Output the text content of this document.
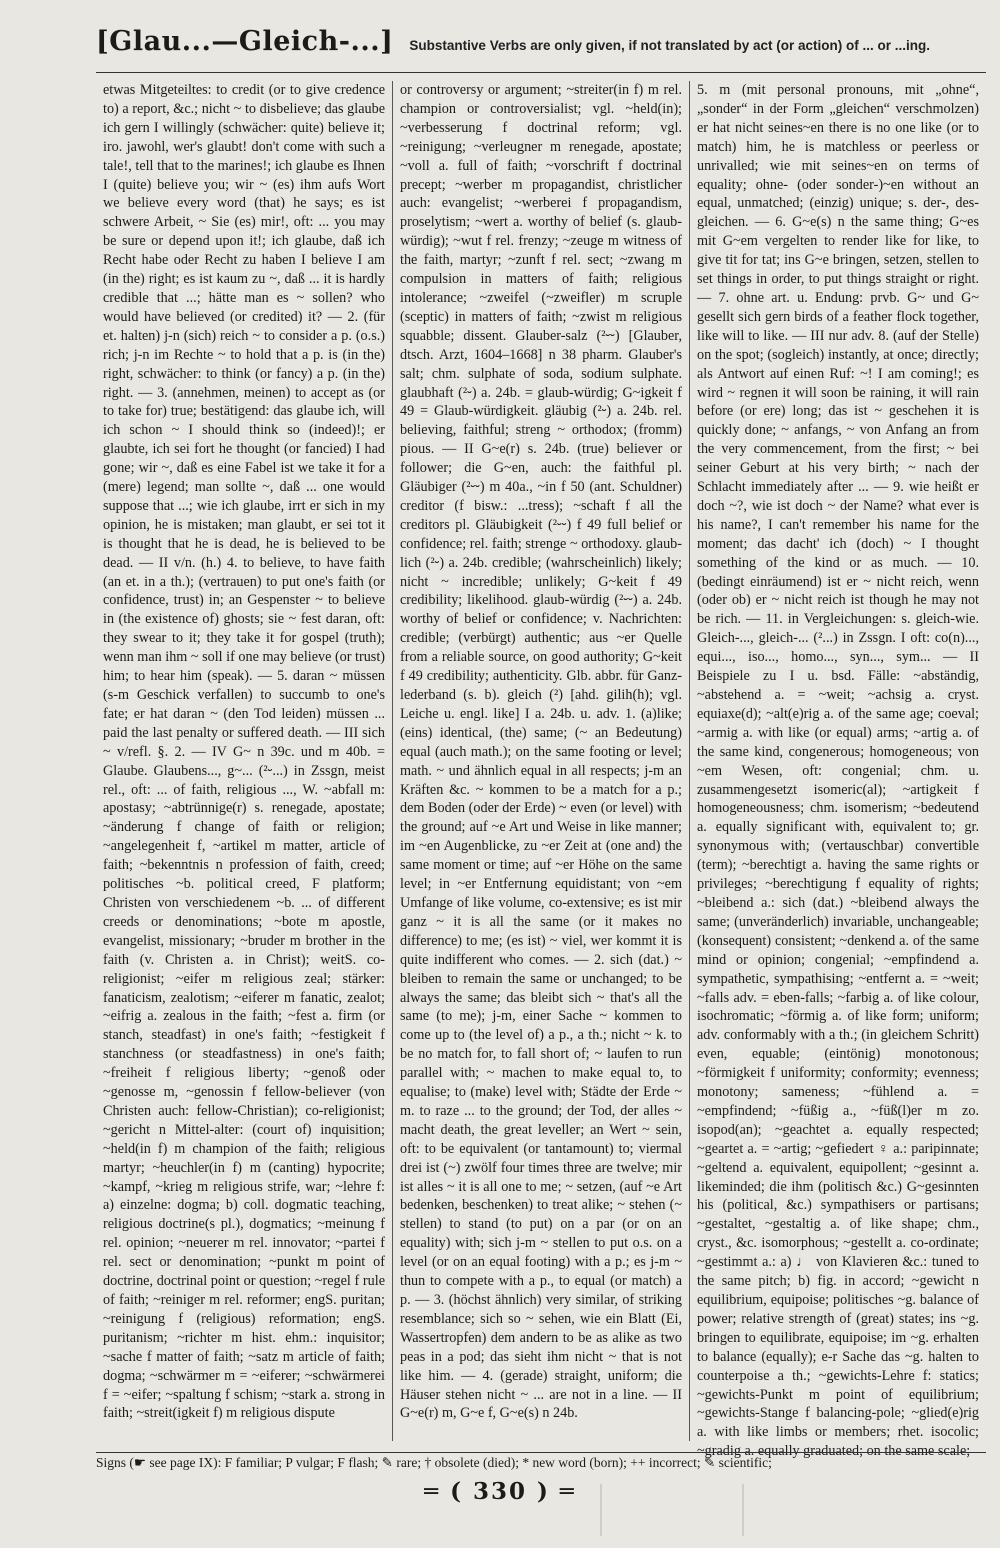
[Glau...—Gleich-...] Substantive Verbs are only given, if not translated by act (or action) of ... or ...ing.

etwas Mitgeteiltes: to credit (or to give credence to) a report, &c.; nicht ~ to disbelieve; das glaube ich gern I willingly (schwächer: quite) believe it; iro. jawohl, wer's glaubt! don't come with such a tale!, tell that to the marines!; ich glaube es Ihnen I (quite) believe you; wir ~ (es) ihm aufs Wort we believe every word (that) he says; es ist schwere Arbeit, ~ Sie (es) mir!, oft: ... you may be sure or depend upon it!; ich glaube, daß ich Recht habe oder Recht zu haben I believe I am (in the) right; es ist kaum zu ~, daß ... it is hardly credible that ...; hätte man es ~ sollen? who would have believed (or credited) it? — 2. (für et. halten) j-n (sich) reich ~ to consider a p. (o.s.) rich; j-n im Rechte ~ to hold that a p. is (in the) right, schwächer: to think (or fancy) a p. (in the) right. — 3. (annehmen, meinen) to accept as (or to take for) true; bestätigend: das glaube ich, will ich schon ~ I should think so (indeed)!; er glaubte, ich sei fort he thought (or fancied) I had gone; wir ~, daß es eine Fabel ist we take it for a (mere) legend; man sollte ~, daß ... one would suppose that ...; wie ich glaube, irrt er sich in my opinion, he is mistaken; man glaubt, er sei tot it is thought that he is dead, he is believed to be dead. — II v/n. (h.) 4. to believe, to have faith (an et. in a th.); (vertrauen) to put one's faith (or confidence, trust) in; an Gespenster ~ to believe in (the existence of) ghosts; sie ~ fest daran, oft: they swear to it; they take it for gospel (truth); wenn man ihm ~ soll if one may believe (or trust) him; to hear him (speak). — 5. daran ~ müssen (s-m Geschick verfallen) to succumb to one's fate; er hat daran ~ (den Tod leiden) müssen ... paid the last penalty or suffered death. — III sich ~ v/refl. §. 2. — IV G~ n 39c. und m 40b. = Glaube. Glaubens..., g~... (²⏑...) in Zssgn, meist rel., oft: ... of faith, religious ..., W. ~abfall m: apostasy; ~abtrünnige(r) s. renegade, apostate; ~änderung f change of faith or religion; ~angelegenheit f, ~artikel m matter, article of faith; ~bekenntnis n profession of faith, creed; politisches ~b. political creed, F platform; Christen von verschiedenem ~b. ... of different creeds or denominations; ~bote m apostle, evangelist, missionary; ~bruder m brother in the faith (v. Christen a. in Christ); weitS. co-religionist; ~eifer m religious zeal; stärker: fanaticism, zealotism; ~eiferer m fanatic, zealot; ~eifrig a. zealous in the faith; ~fest a. firm (or stanch, steadfast) in one's faith; ~festigkeit f stanchness (or steadfastness) in one's faith; ~freiheit f religious liberty; ~genoß oder ~genosse m, ~genossin f fellow-believer (von Christen auch: fellow-Christian); co-religionist; ~gericht n Mittel-alter: (court of) inquisition; ~held(in f) m champion of the faith; religious martyr; ~heuchler(in f) m (canting) hypocrite; ~kampf, ~krieg m religious strife, war; ~lehre f: a) einzelne: dogma; b) coll. dogmatic teaching, religious doctrine(s pl.), dogmatics; ~meinung f rel. opinion; ~neuerer m rel. innovator; ~partei f rel. sect or denomination; ~punkt m point of doctrine, doctrinal point or question; ~regel f rule of faith; ~reiniger m rel. reformer; engS. puritan; ~reinigung f (religious) reformation; engS. puritanism; ~richter m hist. ehm.: inquisitor; ~sache f matter of faith; ~satz m article of faith; dogma; ~schwärmer m = ~eiferer; ~schwärmerei f = ~eifer; ~spaltung f schism; ~stark a. strong in faith; ~streit(igkeit f) m religious dispute

or controversy or argument; ~streiter(in f) m rel. champion or controversialist; vgl. ~held(in); ~verbesserung f doctrinal reform; vgl. ~reinigung; ~verleugner m renegade, apostate; ~voll a. full of faith; ~vorschrift f doctrinal precept; ~werber m propagandist, christlicher auch: evangelist; ~werberei f propagandism, proselytism; ~wert a. worthy of belief (s. glaub-würdig); ~wut f rel. frenzy; ~zeuge m witness of the faith, martyr; ~zunft f rel. sect; ~zwang m compulsion in matters of faith; religious intolerance; ~zweifel (~zweifler) m scruple (sceptic) in matters of faith; ~zwist m religious squabble; dissent. Glauber-salz (²⏑⏑) [Glauber, dtsch. Arzt, 1604–1668] n 38 pharm. Glauber's salt; chm. sulphate of soda, sodium sulphate. glaubhaft (²⏑) a. 24b. = glaub-würdig; G~igkeit f 49 = Glaub-würdigkeit. gläubig (²⏑) a. 24b. rel. believing, faithful; streng ~ orthodox; (fromm) pious. — II G~e(r) s. 24b. (true) believer or follower; die G~en, auch: the faithful pl. Gläubiger (²⏑⏑) m 40a., ~in f 50 (ant. Schuldner) creditor (f bisw.: ...tress); ~schaft f all the creditors pl. Gläubigkeit (²⏑⏑) f 49 full belief or confidence; rel. faith; strenge ~ orthodoxy. glaub-lich (²⏑) a. 24b. credible; (wahrscheinlich) likely; nicht ~ incredible; unlikely; G~keit f 49 credibility; likelihood. glaub-würdig (²⏑⏑) a. 24b. worthy of belief or confidence; v. Nachrichten: credible; (verbürgt) authentic; aus ~er Quelle from a reliable source, on good authority; G~keit f 49 credibility; authenticity. Glb. abbr. für Ganz-lederband (s. b). gleich (²) [ahd. gilih(h); vgl. Leiche u. engl. like] I a. 24b. u. adv. 1. (a)like; (eins) identical, (the) same; (~ an Bedeutung) equal (auch math.); on the same footing or level; math. ~ und ähnlich equal in all respects; j-m an Kräften &c. ~ kommen to be a match for a p.; dem Boden (oder der Erde) ~ even (or level) with the ground; auf ~e Art und Weise in like manner; im ~en Augenblicke, zu ~er Zeit at (one and) the same moment or time; auf ~er Höhe on the same level; in ~er Entfernung equidistant; von ~em Umfange of like volume, co-extensive; es ist mir ganz ~ it is all the same (or it makes no difference) to me; (es ist) ~ viel, wer kommt it is quite indifferent who comes. — 2. sich (dat.) ~ bleiben to remain the same or unchanged; to be always the same; das bleibt sich ~ that's all the same (to me); j-m, einer Sache ~ kommen to come up to (the level of) a p., a th.; nicht ~ k. to be no match for, to fall short of; ~ laufen to run parallel with; ~ machen to make equal to, to equalise; to (make) level with; Städte der Erde ~ m. to raze ... to the ground; der Tod, der alles ~ macht death, the great leveller; an Wert ~ sein, oft: to be equivalent (or tantamount) to; viermal drei ist (~) zwölf four times three are twelve; mir ist alles ~ it is all one to me; ~ setzen, (auf ~e Art bedenken, beschenken) to treat alike; ~ stehen (~ stellen) to stand (to put) on a par (or on an equality) with; sich j-m ~ stellen to put o.s. on a level (or on an equal footing) with a p.; es j-m ~ thun to compete with a p., to equal (or match) a p. — 3. (höchst ähnlich) very similar, of striking resemblance; sich so ~ sehen, wie ein Blatt (Ei, Wassertropfen) dem andern to be as alike as two peas in a pod; das sieht ihm nicht ~ that is not like him. — 4. (gerade) straight, uniform; die Häuser stehen nicht ~ ... are not in a line. — II G~e(r) m, G~e f, G~e(s) n 24b.

5. m (mit personal pronouns, mit „ohne“, „sonder“ in der Form „gleichen“ verschmolzen) er hat nicht seines~en there is no one like (or to match) him, he is matchless or peerless or unrivalled; wie mit seines~en on terms of equality; ohne- (oder sonder-)~en without an equal, unmatched; (einzig) unique; s. der-, des-gleichen. — 6. G~e(s) n the same thing; G~es mit G~em vergelten to render like for like, to give tit for tat; ins G~e bringen, setzen, stellen to set things in order, to put things straight or right. — 7. ohne art. u. Endung: prvb. G~ und G~ gesellt sich gern birds of a feather flock together, like will to like. — III nur adv. 8. (auf der Stelle) on the spot; (sogleich) instantly, at once; directly; als Antwort auf einen Ruf: ~! I am coming!; es wird ~ regnen it will soon be raining, it will rain before (or ere) long; das ist ~ geschehen it is quickly done; ~ anfangs, ~ von Anfang an from the very commencement, from the first; ~ bei seiner Geburt at his very birth; ~ nach der Schlacht immediately after ... — 9. wie heißt er doch ~?, wie ist doch ~ der Name? what ever is his name?, I can't remember his name for the moment; das dacht' ich (doch) ~ I thought something of the kind or as much. — 10. (bedingt einräumend) ist er ~ nicht reich, wenn (oder ob) er ~ nicht reich ist though he may not be rich. — 11. in Vergleichungen: s. gleich-wie. Gleich-..., gleich-... (²...) in Zssgn. I oft: co(n)..., equi..., iso..., homo..., syn..., sym... — II Beispiele zu I u. bsd. Fälle: ~abständig, ~abstehend a. = ~weit; ~achsig a. cryst. equiaxe(d); ~alt(e)rig a. of the same age; coeval; ~armig a. with like (or equal) arms; ~artig a. of the same kind, congenerous; homogeneous; von ~em Wesen, oft: congenial; chm. u. zusammengesetzt isomeric(al); ~artigkeit f homogeneousness; chm. isomerism; ~bedeutend a. equally significant with, equivalent to; gr. synonymous with; (vertauschbar) convertible (term); ~berechtigt a. having the same rights or privileges; ~berechtigung f equality of rights; ~bleibend a.: sich (dat.) ~bleibend always the same; (unveränderlich) invariable, unchangeable; (konsequent) consistent; ~denkend a. of the same mind or opinion; congenial; ~empfindend a. sympathetic, sympathising; ~entfernt a. = ~weit; ~falls adv. = eben-falls; ~farbig a. of like colour, isochromatic; ~förmig a. of like form; uniform; adv. conformably with a th.; (in gleichem Schritt) even, equable; (eintönig) monotonous; ~förmigkeit f uniformity; conformity; evenness; monotony; sameness; ~fühlend a. = ~empfindend; ~füßig a., ~füß(l)er m zo. isopod(an); ~geachtet a. equally respected; ~geartet a. = ~artig; ~gefiedert ♀ a.: paripinnate; ~geltend a. equivalent, equipollent; ~gesinnt a. likeminded; die ihm (politisch &c.) G~gesinnten his (political, &c.) sympathisers or partisans; ~gestaltet, ~gestaltig a. of like shape; chm., cryst., &c. isomorphous; ~gestellt a. co-ordinate; ~gestimmt a.: a) ♩ von Klavieren &c.: tuned to the same pitch; b) fig. in accord; ~gewicht n equilibrium, equipoise; politisches ~g. balance of power; relative strength of (great) states; ins ~g. bringen to equilibrate, equipoise; im ~g. erhalten to balance (equally); e-r Sache das ~g. halten to counterpoise a th.; ~gewichts-Lehre f: statics; ~gewichts-Punkt m point of equilibrium; ~gewichts-Stange f balancing-pole; ~glied(e)rig a. with like limbs or members; rhet. isocolic; ~gradig a. equally graduated; on the same scale;

Signs (☛ see page IX): F familiar; P vulgar; F flash; ✎ rare; † obsolete (died); * new word (born); ++ incorrect; ✎ scientific;
═ ( 330 ) ═
